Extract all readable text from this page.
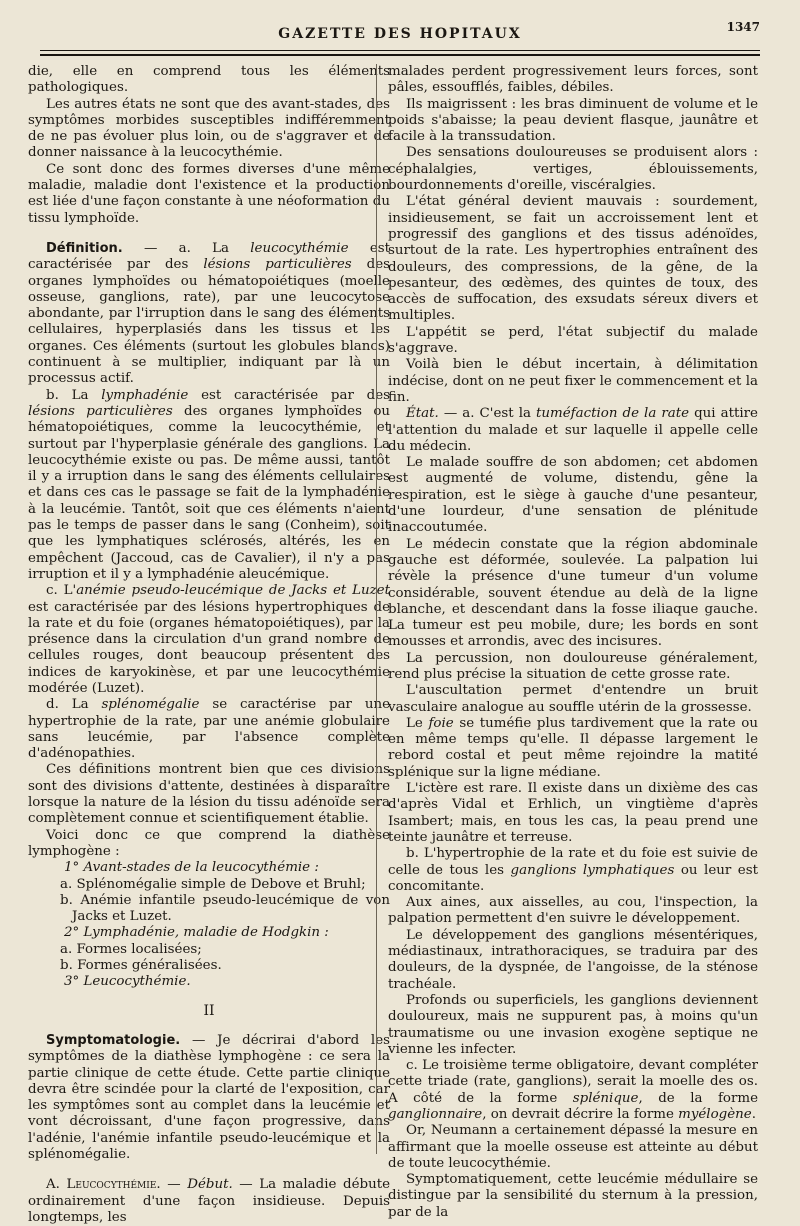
GAZETTE DES HOPITAUX	1347

die, elle en comprend tous les éléments pathologiques.

Les autres états ne sont que des avant-stades, des symptômes morbides susceptibles indifféremment de ne pas évoluer plus loin, ou de s'aggraver et de donner naissance à la leucocythémie.

Ce sont donc des formes diverses d'une même maladie, maladie dont l'existence et la production est liée d'une façon constante à une néoformation du tissu lymphoïde.

Définition. — a. La leucocythémie est caractérisée par des lésions particulières des organes lymphoïdes ou hématopoiétiques (moelle osseuse, ganglions, rate), par une leucocytose abondante, par l'irruption dans le sang des éléments cellulaires, hyperplasiés dans les tissus et les organes. Ces éléments (surtout les globules blancs) continuent à se multiplier, indiquant par là un processus actif.

b. La lymphadénie est caractérisée par des lésions particulières des organes lymphoïdes ou hématopoiétiques, comme la leucocythémie, et surtout par l'hyperplasie générale des ganglions. La leucocythémie existe ou pas. De même aussi, tantôt il y a irruption dans le sang des éléments cellulaires et dans ces cas le passage se fait de la lymphadénie à la leucémie. Tantôt, soit que ces éléments n'aient pas le temps de passer dans le sang (Conheim), soit que les lymphatiques sclérosés, altérés, les en empêchent (Jaccoud, cas de Cavalier), il n'y a pas irruption et il y a lymphadénie aleucémique.

c. L'anémie pseudo-leucémique de Jacks et Luzet est caractérisée par des lésions hypertrophiques de la rate et du foie (organes hématopoiétiques), par la présence dans la circulation d'un grand nombre de cellules rouges, dont beaucoup présentent des indices de karyokinèse, et par une leucocythémie modérée (Luzet).

d. La splénomégalie se caractérise par une hypertrophie de la rate, par une anémie globulaire sans leucémie, par l'absence complète d'adénopathies.

Ces définitions montrent bien que ces divisions sont des divisions d'attente, destinées à disparaître lorsque la nature de la lésion du tissu adénoïde sera complètement connue et scientifiquement établie.

Voici donc ce que comprend la diathèse lymphogène :

1° Avant-stades de la leucocythémie :

a. Splénomégalie simple de Debove et Bruhl;

b. Anémie infantile pseudo-leucémique de von Jacks et Luzet.

2° Lymphadénie, maladie de Hodgkin :

a. Formes localisées;

b. Formes généralisées.

3° Leucocythémie.

II

Symptomatologie. — Je décrirai d'abord les symptômes de la diathèse lymphogène : ce sera la partie clinique de cette étude. Cette partie clinique devra être scindée pour la clarté de l'exposition, car les symptômes sont au complet dans la leucémie et vont décroissant, d'une façon progressive, dans l'adénie, l'anémie infantile pseudo-leucémique et la splénomégalie.

A. Leucocythémie. — Début. — La maladie débute ordinairement d'une façon insidieuse. Depuis longtemps, les

malades perdent progressivement leurs forces, sont pâles, essoufflés, faibles, débiles.

Ils maigrissent : les bras diminuent de volume et le poids s'abaisse; la peau devient flasque, jaunâtre et facile à la transsudation.

Des sensations douloureuses se produisent alors : céphalalgies, vertiges, éblouissements, bourdonnements d'oreille, viscéralgies.

L'état général devient mauvais : sourdement, insidieusement, se fait un accroissement lent et progressif des ganglions et des tissus adénoïdes, surtout de la rate. Les hypertrophies entraînent des douleurs, des compressions, de la gêne, de la pesanteur, des œdèmes, des quintes de toux, des accès de suffocation, des exsudats séreux divers et multiples.

L'appétit se perd, l'état subjectif du malade s'aggrave.

Voilà bien le début incertain, à délimitation indécise, dont on ne peut fixer le commencement et la fin.

État. — a. C'est la tuméfaction de la rate qui attire l'attention du malade et sur laquelle il appelle celle du médecin.

Le malade souffre de son abdomen; cet abdomen est augmenté de volume, distendu, gêne la respiration, est le siège à gauche d'une pesanteur, d'une lourdeur, d'une sensation de plénitude inaccoutumée.

Le médecin constate que la région abdominale gauche est déformée, soulevée. La palpation lui révèle la présence d'une tumeur d'un volume considérable, souvent étendue au delà de la ligne blanche, et descendant dans la fosse iliaque gauche. La tumeur est peu mobile, dure; les bords en sont mousses et arrondis, avec des incisures.

La percussion, non douloureuse généralement, rend plus précise la situation de cette grosse rate.

L'auscultation permet d'entendre un bruit vasculaire analogue au souffle utérin de la grossesse.

Le foie se tuméfie plus tardivement que la rate ou en même temps qu'elle. Il dépasse largement le rebord costal et peut même rejoindre la matité splénique sur la ligne médiane.

L'ictère est rare. Il existe dans un dixième des cas d'après Vidal et Erhlich, un vingtième d'après Isambert; mais, en tous les cas, la peau prend une teinte jaunâtre et terreuse.

b. L'hypertrophie de la rate et du foie est suivie de celle de tous les ganglions lymphatiques ou leur est concomitante.

Aux aines, aux aisselles, au cou, l'inspection, la palpation permettent d'en suivre le développement.

Le développement des ganglions mésentériques, médiastinaux, intrathoraciques, se traduira par des douleurs, de la dyspnée, de l'angoisse, de la sténose trachéale.

Profonds ou superficiels, les ganglions deviennent douloureux, mais ne suppurent pas, à moins qu'un traumatisme ou une invasion exogène septique ne vienne les infecter.

c. Le troisième terme obligatoire, devant compléter cette triade (rate, ganglions), serait la moelle des os. A côté de la forme splénique, de la forme ganglionnaire, on devrait décrire la forme myélogène.

Or, Neumann a certainement dépassé la mesure en affirmant que la moelle osseuse est atteinte au début de toute leucocythémie.

Symptomatiquement, cette leucémie médullaire se distingue par la sensibilité du sternum à la pression, par de la
